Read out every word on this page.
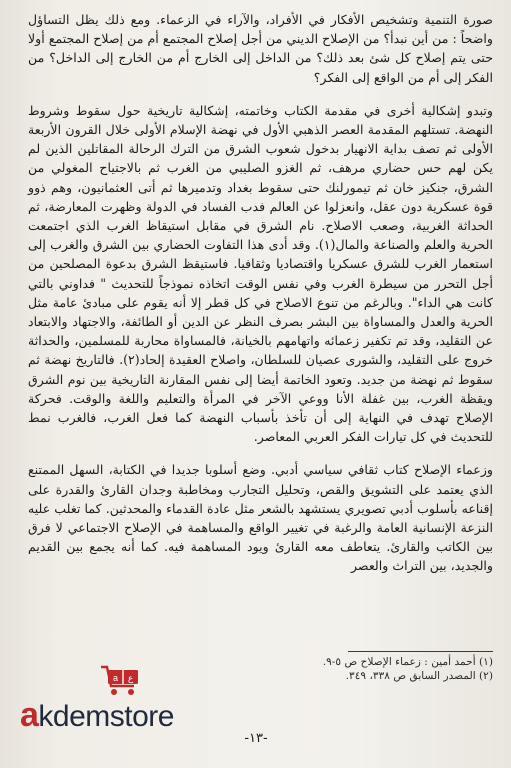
صورة التنمية وتشخيص الأفكار في الأفراد، والآراء في الزعماء. ومع ذلك يظل التساؤل واضحاً : من أين نبدأ؟ من الإصلاح الديني من أجل إصلاح المجتمع أم من إصلاح المجتمع أولا حتى يتم إصلاح كل شئ بعد ذلك؟ من الداخل إلى الخارج أم من الخارج إلى الداخل؟ من الفكر إلى أم من الواقع إلى الفكر؟

وتبدو إشكالية أخرى في مقدمة الكتاب وخاتمته، إشكالية تاريخية حول سقوط وشروط النهضة. تستلهم المقدمة العصر الذهبي الأول في نهضة الإسلام الأولى خلال القرون الأربعة الأولى ثم تصف بداية الانهيار بدخول شعوب الشرق من الترك الرحالة المقاتلين الذين لم يكن لهم حس حضاري مرهف، ثم الغزو الصليبي من الغرب ثم بالاجتياح المغولي من الشرق، جنكيز خان ثم تيمورلنك حتى سقوط بغداد وتدميرها ثم أتى العثمانيون، وهم ذوو قوة عسكرية دون عقل، وانعزلوا عن العالم فدب الفساد في الدولة وظهرت المعارضة، ثم الحداثة الغربية، وصعب الاصلاح. نام الشرق في مقابل استيقاظ الغرب الذي اجتمعت الحرية والعلم والصناعة والمال(١). وقد أدى هذا التفاوت الحضاري بين الشرق والغرب إلى استعمار الغرب للشرق عسكريا واقتصاديا وثقافيا. فاستيقظ الشرق بدعوة المصلحين من أجل التحرر من سيطرة الغرب وفي نفس الوقت اتخاذه نموذجاً للتحديث " فداوني بالتي كانت هي الداء". وبالرغم من تنوع الاصلاح في كل قطر إلا أنه يقوم على مبادئ عامة مثل الحرية والعدل والمساواة بين البشر بصرف النظر عن الدين أو الطائفة، والاجتهاد والابتعاد عن التقليد، وقد تم تكفير زعمائه واتهامهم بالخيانة، فالمساواة محاربة للمسلمين، والحداثة خروج على التقليد، والشورى عصيان للسلطان، واصلاح العقيدة إلحاد(٢). فالتاريخ نهضة ثم سقوط ثم نهضة من جديد. وتعود الخاتمة أيضا إلى نفس المقارنة التاريخية بين نوم الشرق ويقظة الغرب، بين غفلة الأنا ووعي الآخر في المرأة والتعليم واللغة والوقت. فحركة الإصلاح تهدف في النهاية إلى أن تأخذ بأسباب النهضة كما فعل الغرب، فالغرب نمط للتحديث في كل تيارات الفكر العربي المعاصر.

وزعماء الإصلاح كتاب ثقافي سياسي أدبي. وضع أسلوبا جديدا في الكتابة، السهل الممتنع الذي يعتمد على التشويق والقص، وتحليل التجارب ومخاطبة وجدان القارئ والقدرة على إقناعه بأسلوب أدبي تصويري يستشهد بالشعر مثل عادة القدماء والمحدثين. كما تغلب عليه النزعة الإنسانية العامة والرغبة في تغيير الواقع والمساهمة في الإصلاح الاجتماعي لا فرق بين الكاتب والقارئ. يتعاطف معه القارئ ويود المساهمة فيه. كما أنه يجمع بين القديم والجديد، بين التراث والعصر

(١) أحمد أمين : زعماء الإصلاح ص ٥-٩.
(٢) المصدر السابق ص ٣٣٨، ٣٤٩.
a ع
akdemstore
-١٣-
